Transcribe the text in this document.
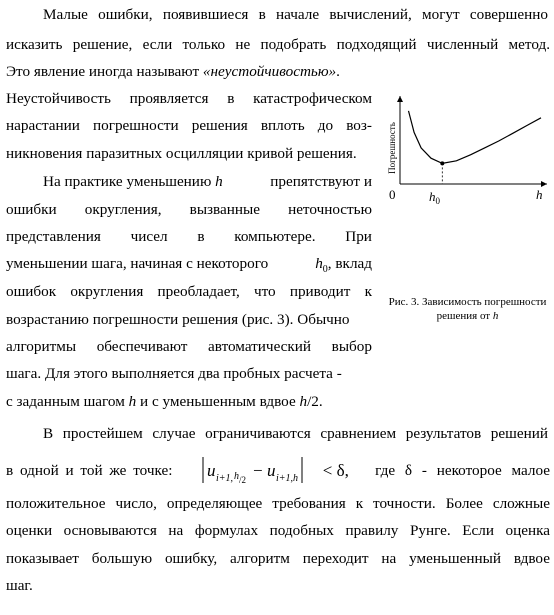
Малые ошибки, появившиеся в начале вычислений, могут совершенно
исказить решение, если только не подобрать подходящий численный метод.
Это явление иногда называют «неустойчивостью».
Неустойчивость проявляется в катастрофическом
нарастании погрешности решения вплоть до воз-
никновения паразитных осцилляции кривой решения.
На практике уменьшению h	препятствуют и
ошибки округления, вызванные неточностью
представления чисел в компьютере. При
уменьшении шага, начиная с некоторого	$h_0$, вклад
ошибок округления преобладает, что приводит к
возрастанию погрешности решения (рис. 3). Обычно
алгоритмы обеспечивают автоматический выбор
шага. Для этого выполняется два пробных расчета -
с заданным шагом h и с уменьшенным вдвое h/2.
В простейшем случае ограничиваются сравнением результатов решений
в одной и той же точке: u i+1, h /2 − u i+1,h < δ, где δ - некоторое малое
положительное число, определяющее требования к точности. Более сложные
оценки основываются на формулах подобных правилу Рунге. Если оценка
показывает большую ошибку, алгоритм переходит на уменьшенный вдвое
шаг.
Погрешность
0	h
$h_0$
Рис. 3. Зависимость погрешности
решения от h
